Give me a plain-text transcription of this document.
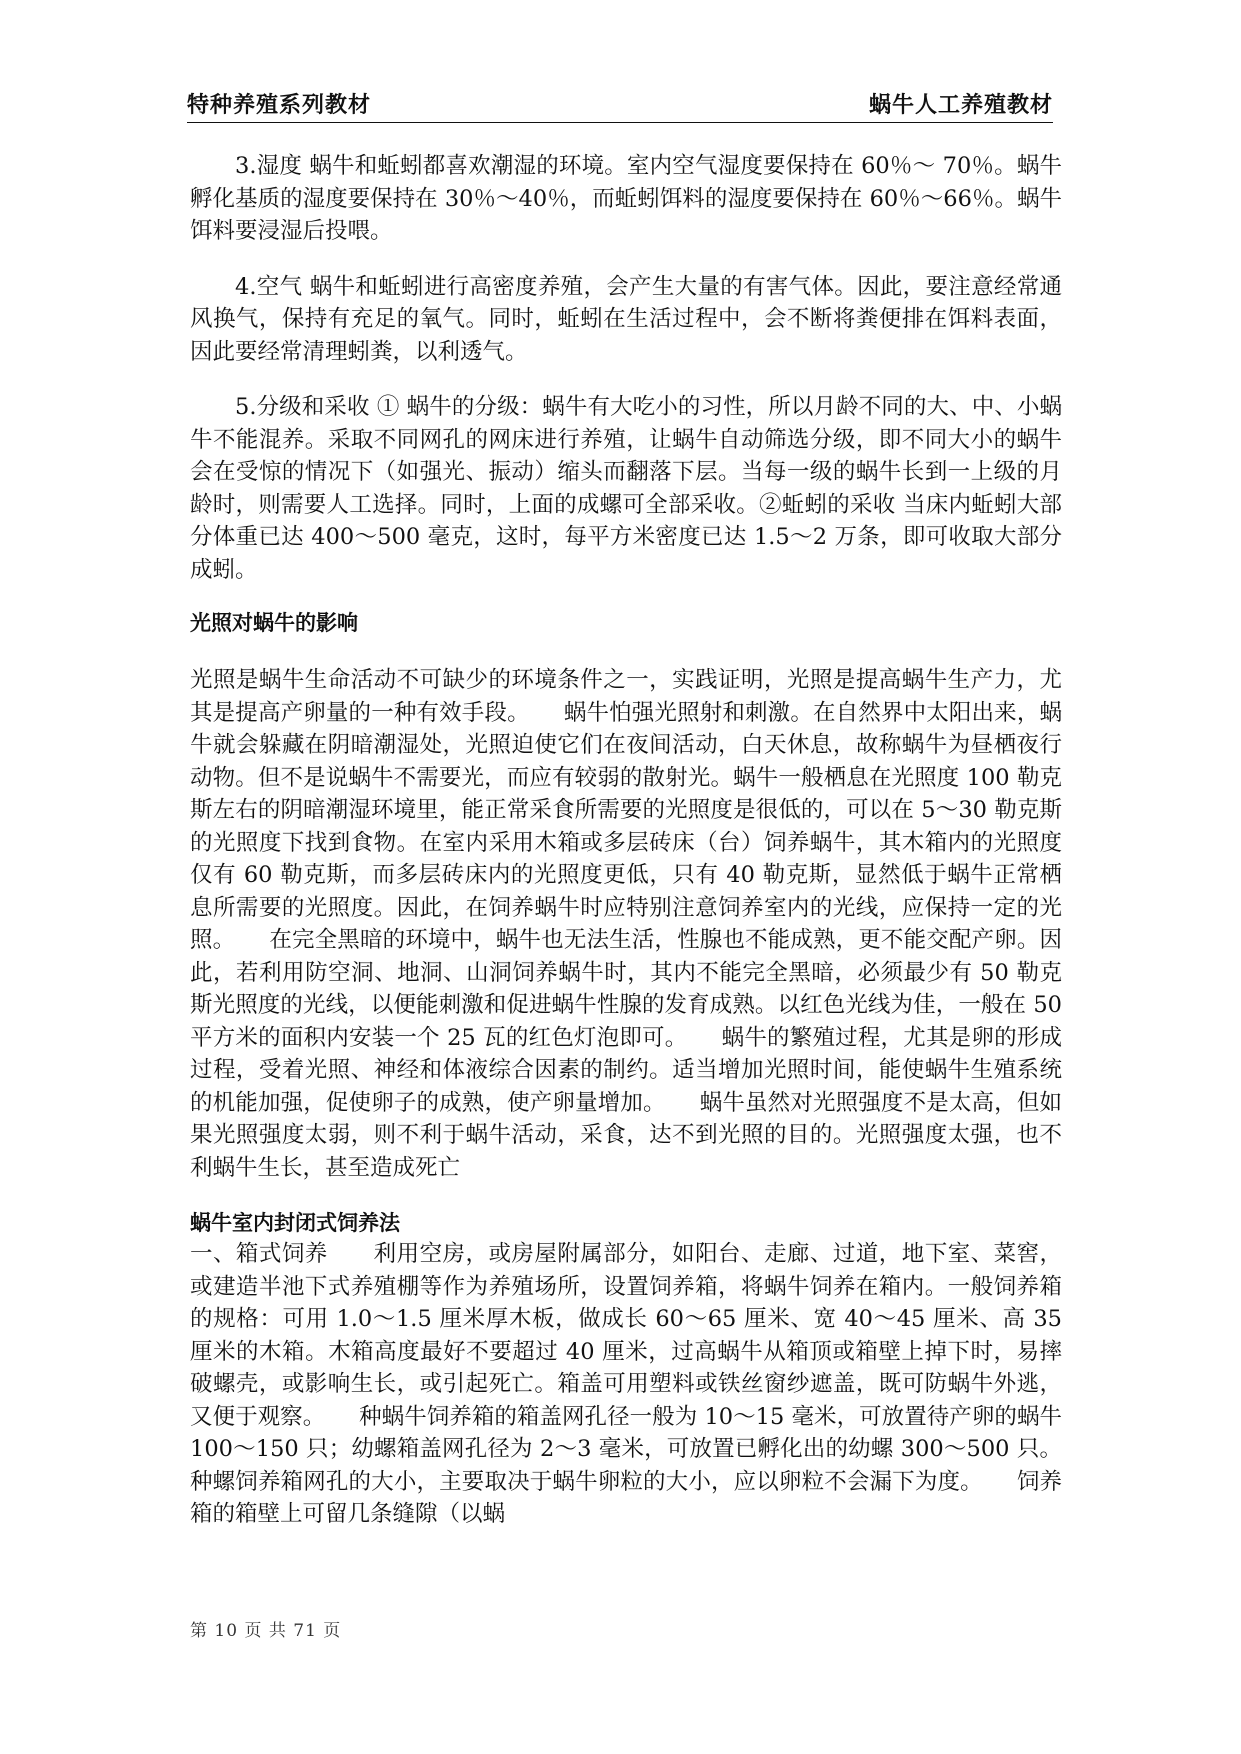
特种养殖系列教材	蜗牛人工养殖教材

3.湿度 蜗牛和蚯蚓都喜欢潮湿的环境。室内空气湿度要保持在 60％～ 70％。蜗牛孵化基质的湿度要保持在 30％～40％，而蚯蚓饵料的湿度要保持在 60％～66％。蜗牛饵料要浸湿后投喂。

4.空气 蜗牛和蚯蚓进行高密度养殖，会产生大量的有害气体。因此，要注意经常通风换气，保持有充足的氧气。同时，蚯蚓在生活过程中，会不断将粪便排在饵料表面，因此要经常清理蚓粪，以利透气。

5.分级和采收 ① 蜗牛的分级：蜗牛有大吃小的习性，所以月龄不同的大、中、小蜗牛不能混养。采取不同网孔的网床进行养殖，让蜗牛自动筛选分级，即不同大小的蜗牛会在受惊的情况下（如强光、振动）缩头而翻落下层。当每一级的蜗牛长到一上级的月龄时，则需要人工选择。同时，上面的成螺可全部采收。②蚯蚓的采收 当床内蚯蚓大部分体重已达 400～500 毫克，这时，每平方米密度已达 1.5～2 万条，即可收取大部分成蚓。

光照对蜗牛的影响

光照是蜗牛生命活动不可缺少的环境条件之一，实践证明，光照是提高蜗牛生产力，尤其是提高产卵量的一种有效手段。　　蜗牛怕强光照射和刺激。在自然界中太阳出来，蜗牛就会躲藏在阴暗潮湿处，光照迫使它们在夜间活动，白天休息，故称蜗牛为昼栖夜行动物。但不是说蜗牛不需要光，而应有较弱的散射光。蜗牛一般栖息在光照度 100 勒克斯左右的阴暗潮湿环境里，能正常采食所需要的光照度是很低的，可以在 5～30 勒克斯的光照度下找到食物。在室内采用木箱或多层砖床（台）饲养蜗牛，其木箱内的光照度仅有 60 勒克斯，而多层砖床内的光照度更低，只有 40 勒克斯，显然低于蜗牛正常栖息所需要的光照度。因此，在饲养蜗牛时应特别注意饲养室内的光线，应保持一定的光照。　　在完全黑暗的环境中，蜗牛也无法生活，性腺也不能成熟，更不能交配产卵。因此，若利用防空洞、地洞、山洞饲养蜗牛时，其内不能完全黑暗，必须最少有 50 勒克斯光照度的光线，以便能刺激和促进蜗牛性腺的发育成熟。以红色光线为佳，一般在 50 平方米的面积内安装一个 25 瓦的红色灯泡即可。　　蜗牛的繁殖过程，尤其是卵的形成过程，受着光照、神经和体液综合因素的制约。适当增加光照时间，能使蜗牛生殖系统的机能加强，促使卵子的成熟，使产卵量增加。　　蜗牛虽然对光照强度不是太高，但如果光照强度太弱，则不利于蜗牛活动，采食，达不到光照的目的。光照强度太强，也不利蜗牛生长，甚至造成死亡

蜗牛室内封闭式饲养法

一、箱式饲养　　利用空房，或房屋附属部分，如阳台、走廊、过道，地下室、菜窖，或建造半池下式养殖棚等作为养殖场所，设置饲养箱，将蜗牛饲养在箱内。一般饲养箱的规格：可用 1.0～1.5 厘米厚木板，做成长 60～65 厘米、宽 40～45 厘米、高 35 厘米的木箱。木箱高度最好不要超过 40 厘米，过高蜗牛从箱顶或箱壁上掉下时，易摔破螺壳，或影响生长，或引起死亡。箱盖可用塑料或铁丝窗纱遮盖，既可防蜗牛外逃，又便于观察。　　种蜗牛饲养箱的箱盖网孔径一般为 10～15 毫米，可放置待产卵的蜗牛 100～150 只；幼螺箱盖网孔径为 2～3 毫米，可放置已孵化出的幼螺 300～500 只。种螺饲养箱网孔的大小，主要取决于蜗牛卵粒的大小，应以卵粒不会漏下为度。　　饲养箱的箱壁上可留几条缝隙（以蜗

第 10 页 共 71 页
